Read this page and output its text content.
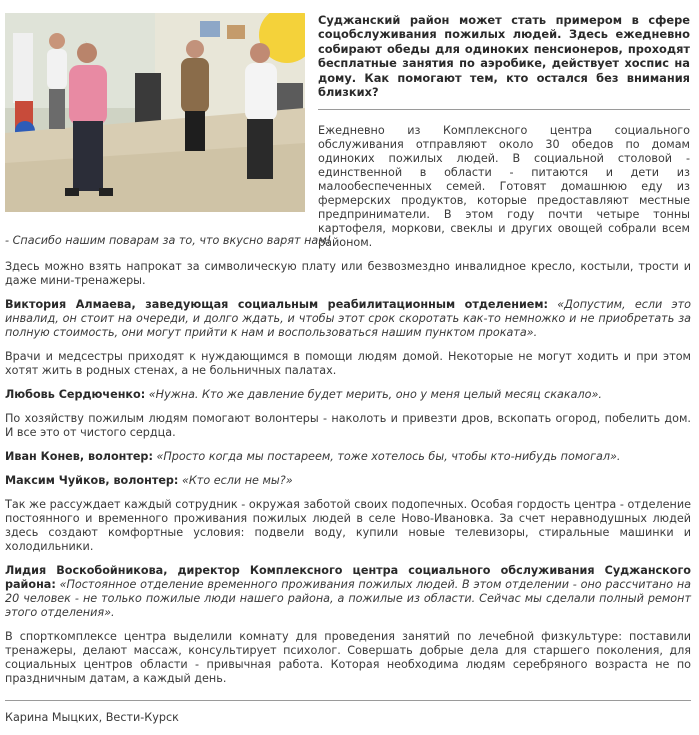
Суджанский район может стать примером в сфере соцобслуживания пожилых людей. Здесь ежедневно собирают обеды для одиноких пенсионеров, проходят бесплатные занятия по аэробике, действует хоспис на дому. Как помогают тем, кто остался без внимания близких?

Ежедневно из Комплексного центра социального обслуживания отправляют около 30 обедов по домам одиноких пожилых людей. В социальной столовой - единственной в области - питаются и дети из малообеспеченных семей. Готовят домашнюю еду из фермерских продуктов, которые предоставляют местные предприниматели. В этом году почти четыре тонны картофеля, моркови, свеклы и других овощей собрали всем районом.

- Спасибо нашим поварам за то, что вкусно варят нам!

Здесь можно взять напрокат за символическую плату или безвозмездно инвалидное кресло, костыли, трости и даже мини-тренажеры.

Виктория Алмаева, заведующая социальным реабилитационным отделением: «Допустим, если это инвалид, он стоит на очереди, и долго ждать, и чтобы этот срок скоротать как-то немножко и не приобретать за полную стоимость, они могут прийти к нам и воспользоваться нашим пунктом проката».

Врачи и медсестры приходят к нуждающимся в помощи людям домой. Некоторые не могут ходить и при этом хотят жить в родных стенах, а не больничных палатах.

Любовь Сердюченко: «Нужна. Кто же давление будет мерить, оно у меня целый месяц скакало».

По хозяйству пожилым людям помогают волонтеры - наколоть и привезти дров, вскопать огород, побелить дом. И все это от чистого сердца.

Иван Конев, волонтер: «Просто когда мы постареем, тоже хотелось бы, чтобы кто-нибудь помогал».

Максим Чуйков, волонтер: «Кто если не мы?»

Так же рассуждает каждый сотрудник - окружая заботой своих подопечных. Особая гордость центра - отделение постоянного и временного проживания пожилых людей в селе Ново-Ивановка. За счет неравнодушных людей здесь создают комфортные условия: подвели воду, купили новые телевизоры, стиральные машинки и холодильники.

Лидия Воскобойникова, директор Комплексного центра социального обслуживания Суджанского района: «Постоянное отделение временного проживания пожилых людей. В этом отделении - оно рассчитано на 20 человек - не только пожилые люди нашего района, а пожилые из области. Сейчас мы сделали полный ремонт этого отделения».

В спорткомплексе центра выделили комнату для проведения занятий по лечебной физкультуре: поставили тренажеры, делают массаж, консультирует психолог. Совершать добрые дела для старшего поколения, для социальных центров области - привычная работа. Которая необходима людям серебряного возраста не по праздничным датам, а каждый день.

Карина Мыцких, Вести-Курск
